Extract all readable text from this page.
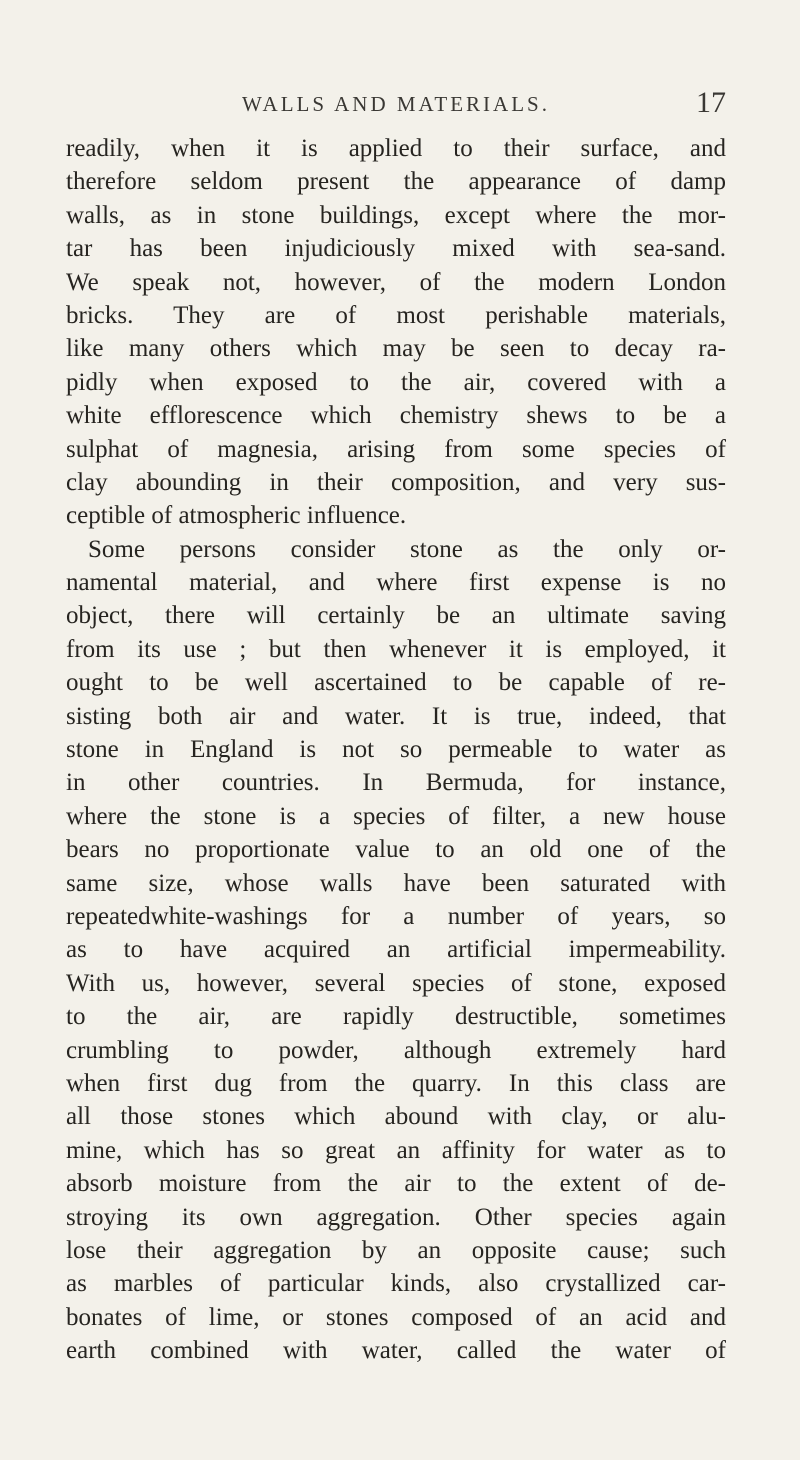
WALLS AND MATERIALS.	17
readily, when it is applied to their surface, and
therefore seldom present the appearance of damp
walls, as in stone buildings, except where the mor-
tar has been injudiciously mixed with sea-sand.
We speak not, however, of the modern London
bricks. They are of most perishable materials,
like many others which may be seen to decay ra-
pidly when exposed to the air, covered with a
white efflorescence which chemistry shews to be a
sulphat of magnesia, arising from some species of
clay abounding in their composition, and very sus-
ceptible of atmospheric influence.
Some persons consider stone as the only or-
namental material, and where first expense is no
object, there will certainly be an ultimate saving
from its use ; but then whenever it is employed, it
ought to be well ascertained to be capable of re-
sisting both air and water. It is true, indeed, that
stone in England is not so permeable to water as
in other countries. In Bermuda, for instance,
where the stone is a species of filter, a new house
bears no proportionate value to an old one of the
same size, whose walls have been saturated with
repeatedwhite-washings for a number of years, so
as to have acquired an artificial impermeability.
With us, however, several species of stone, exposed
to the air, are rapidly destructible, sometimes
crumbling to powder, although extremely hard
when first dug from the quarry. In this class are
all those stones which abound with clay, or alu-
mine, which has so great an affinity for water as to
absorb moisture from the air to the extent of de-
stroying its own aggregation. Other species again
lose their aggregation by an opposite cause; such
as marbles of particular kinds, also crystallized car-
bonates of lime, or stones composed of an acid and
earth combined with water, called the water of
